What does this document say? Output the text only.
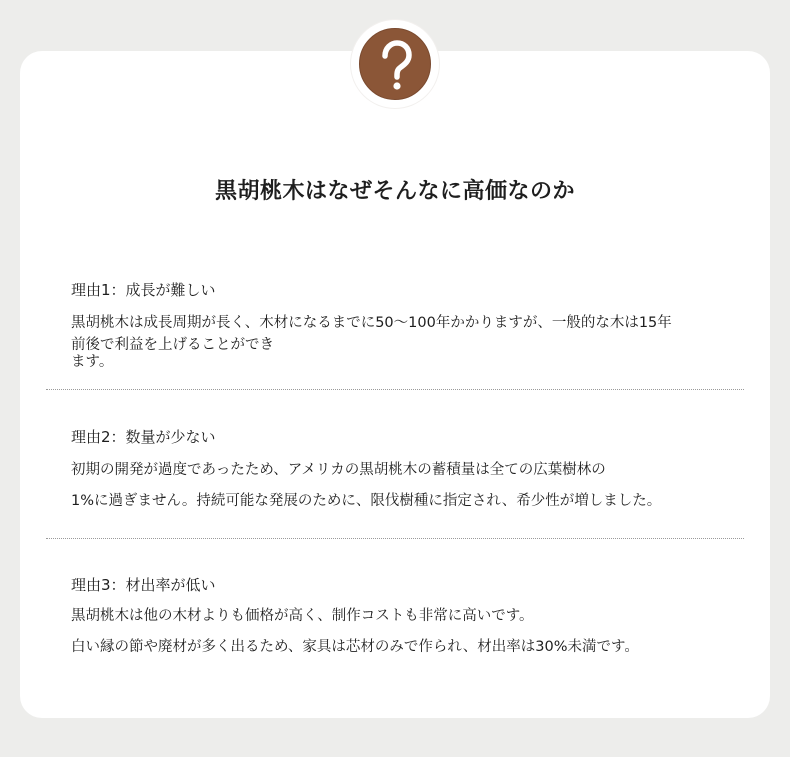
黒胡桃木はなぜそんなに高価なのか
理由1：成長が難しい
黒胡桃木は成長周期が長く、木材になるまでに50〜100年かかりますが、一般的な木は15年
前後で利益を上げることができ
ます。
理由2：数量が少ない
初期の開発が過度であったため、アメリカの黒胡桃木の蓄積量は全ての広葉樹林の
1%に過ぎません。持続可能な発展のために、限伐樹種に指定され、希少性が増しました。
理由3：材出率が低い
黒胡桃木は他の木材よりも価格が高く、制作コストも非常に高いです。
白い縁の節や廃材が多く出るため、家具は芯材のみで作られ、材出率は30%未満です。
